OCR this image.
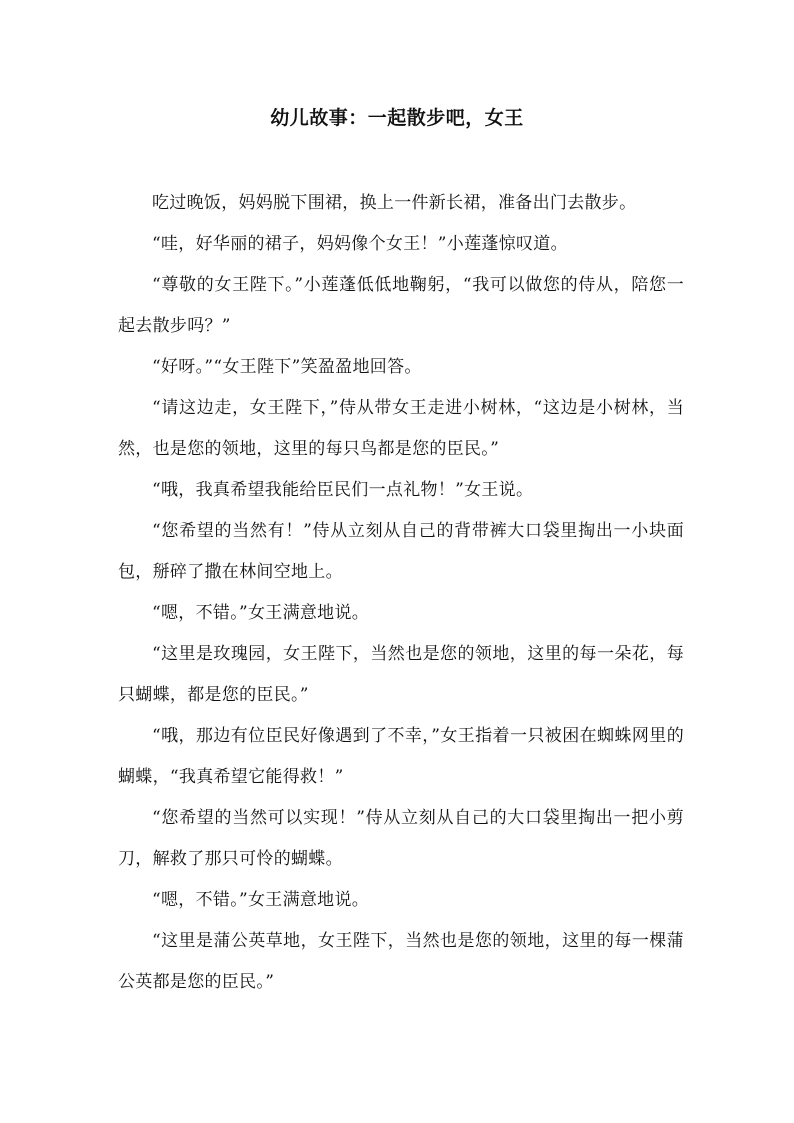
幼儿故事：一起散步吧，女王

吃过晚饭，妈妈脱下围裙，换上一件新长裙，准备出门去散步。

“哇，好华丽的裙子，妈妈像个女王！”小莲蓬惊叹道。

“尊敬的女王陛下。”小莲蓬低低地鞠躬，“我可以做您的侍从，陪您一起去散步吗？”

“好呀。”“女王陛下”笑盈盈地回答。

“请这边走，女王陛下，”侍从带女王走进小树林，“这边是小树林，当然，也是您的领地，这里的每只鸟都是您的臣民。”

“哦，我真希望我能给臣民们一点礼物！”女王说。

“您希望的当然有！”侍从立刻从自己的背带裤大口袋里掏出一小块面包，掰碎了撒在林间空地上。

“嗯，不错。”女王满意地说。

“这里是玫瑰园，女王陛下，当然也是您的领地，这里的每一朵花，每只蝴蝶，都是您的臣民。”

“哦，那边有位臣民好像遇到了不幸，”女王指着一只被困在蜘蛛网里的蝴蝶，“我真希望它能得救！”

“您希望的当然可以实现！”侍从立刻从自己的大口袋里掏出一把小剪刀，解救了那只可怜的蝴蝶。

“嗯，不错。”女王满意地说。

“这里是蒲公英草地，女王陛下，当然也是您的领地，这里的每一棵蒲公英都是您的臣民。”
